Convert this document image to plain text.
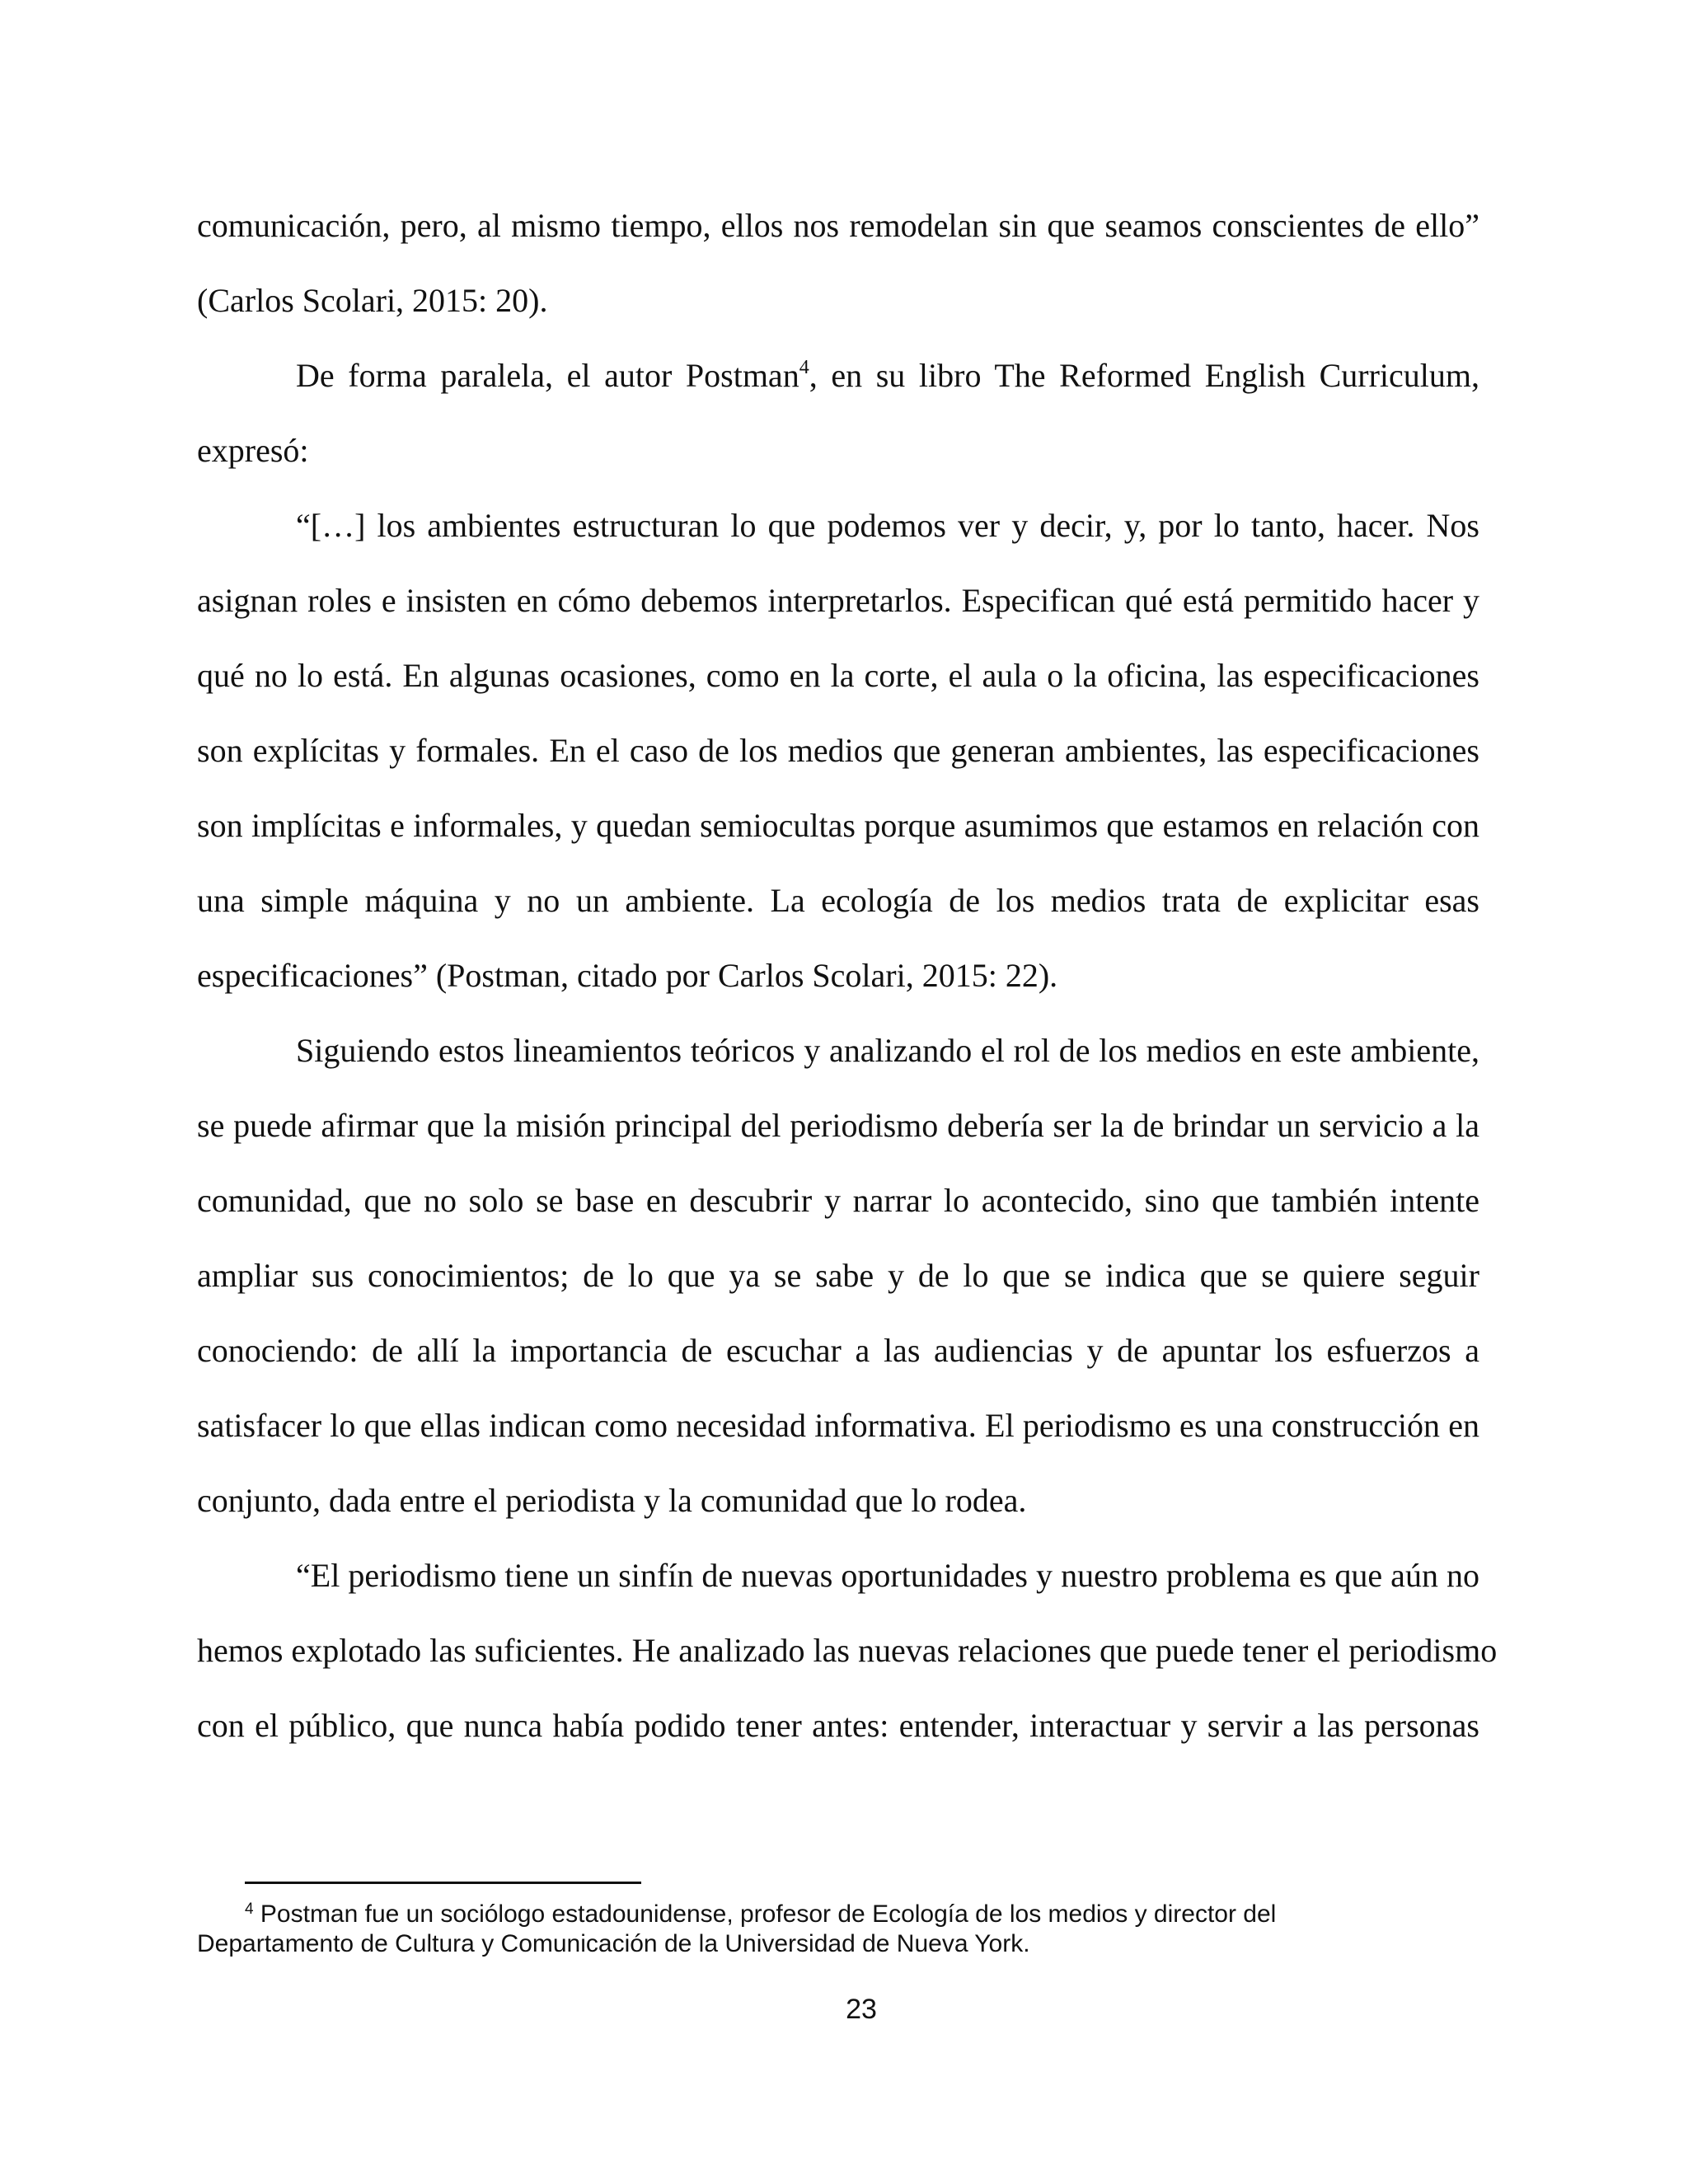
comunicación, pero, al mismo tiempo, ellos nos remodelan sin que seamos conscientes de ello”
(Carlos Scolari, 2015: 20).
De forma paralela, el autor Postman$^4$, en su libro The Reformed English Curriculum,
expresó:
“[…] los ambientes estructuran lo que podemos ver y decir, y, por lo tanto, hacer. Nos
asignan roles e insisten en cómo debemos interpretarlos. Especifican qué está permitido hacer y
qué no lo está. En algunas ocasiones, como en la corte, el aula o la oficina, las especificaciones
son explícitas y formales. En el caso de los medios que generan ambientes, las especificaciones
son implícitas e informales, y quedan semiocultas porque asumimos que estamos en relación con
una simple máquina y no un ambiente. La ecología de los medios trata de explicitar esas
especificaciones” (Postman, citado por Carlos Scolari, 2015: 22).
Siguiendo estos lineamientos teóricos y analizando el rol de los medios en este ambiente,
se puede afirmar que la misión principal del periodismo debería ser la de brindar un servicio a la
comunidad, que no solo se base en descubrir y narrar lo acontecido, sino que también intente
ampliar sus conocimientos; de lo que ya se sabe y de lo que se indica que se quiere seguir
conociendo: de allí la importancia de escuchar a las audiencias y de apuntar los esfuerzos a
satisfacer lo que ellas indican como necesidad informativa. El periodismo es una construcción en
conjunto, dada entre el periodista y la comunidad que lo rodea.
“El periodismo tiene un sinfín de nuevas oportunidades y nuestro problema es que aún no
hemos explotado las suficientes. He analizado las nuevas relaciones que puede tener el periodismo
con el público, que nunca había podido tener antes: entender, interactuar y servir a las personas
$^4$ Postman fue un sociólogo estadounidense, profesor de Ecología de los medios y director del
Departamento de Cultura y Comunicación de la Universidad de Nueva York.
23
